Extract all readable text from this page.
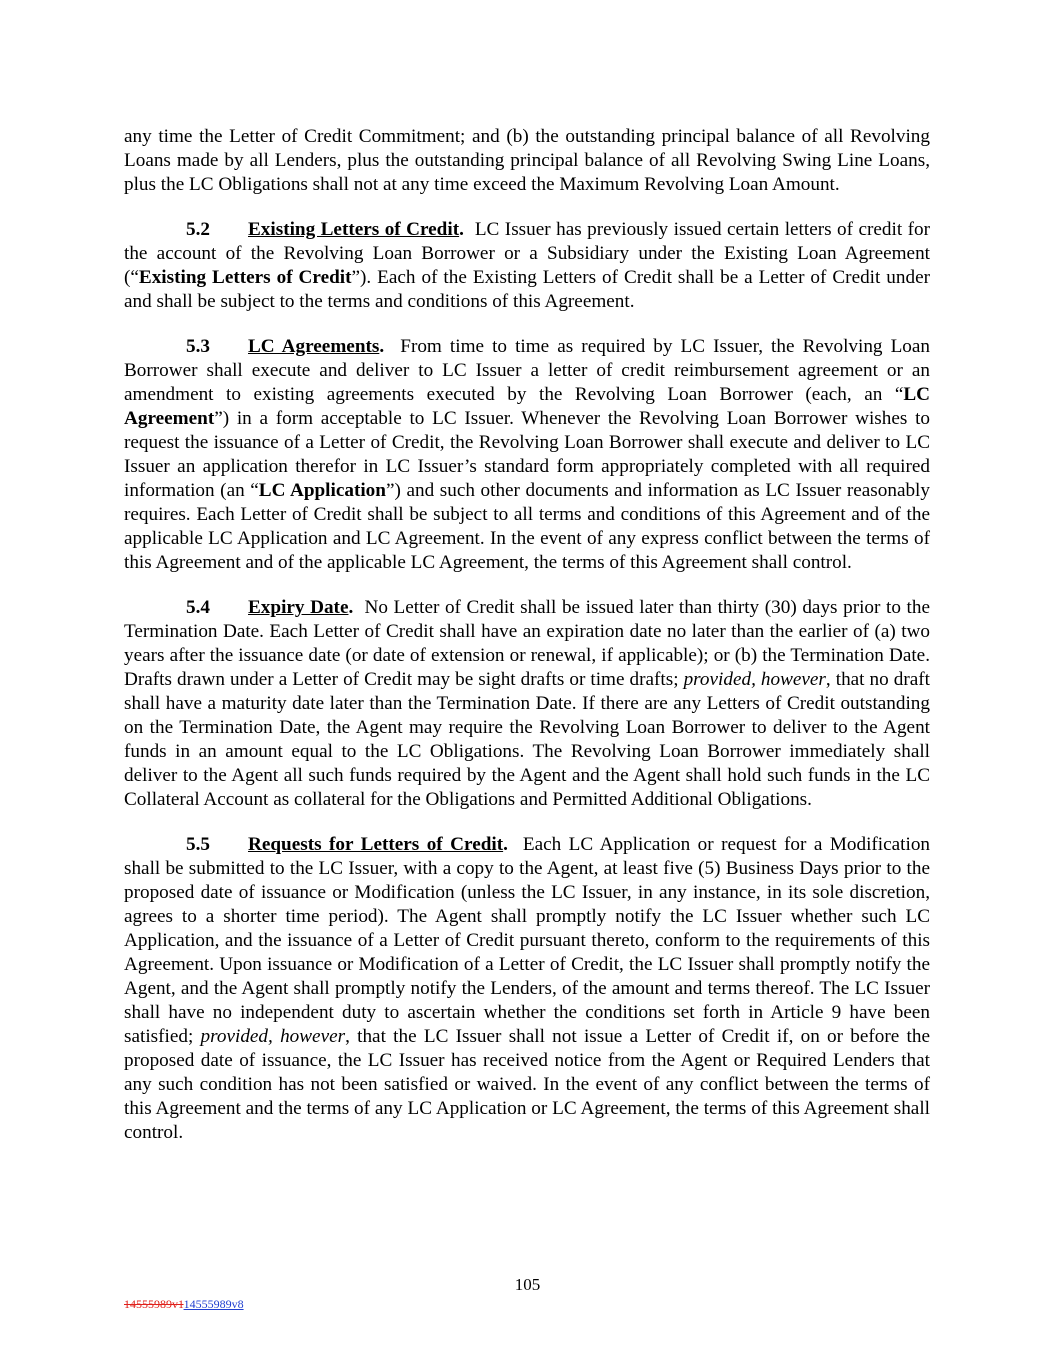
any time the Letter of Credit Commitment; and (b) the outstanding principal balance of all Revolving Loans made by all Lenders, plus the outstanding principal balance of all Revolving Swing Line Loans, plus the LC Obligations shall not at any time exceed the Maximum Revolving Loan Amount.

5.2 Existing Letters of Credit. LC Issuer has previously issued certain letters of credit for the account of the Revolving Loan Borrower or a Subsidiary under the Existing Loan Agreement (“Existing Letters of Credit”). Each of the Existing Letters of Credit shall be a Letter of Credit under and shall be subject to the terms and conditions of this Agreement.

5.3 LC Agreements. From time to time as required by LC Issuer, the Revolving Loan Borrower shall execute and deliver to LC Issuer a letter of credit reimbursement agreement or an amendment to existing agreements executed by the Revolving Loan Borrower (each, an “LC Agreement”) in a form acceptable to LC Issuer. Whenever the Revolving Loan Borrower wishes to request the issuance of a Letter of Credit, the Revolving Loan Borrower shall execute and deliver to LC Issuer an application therefor in LC Issuer’s standard form appropriately completed with all required information (an “LC Application”) and such other documents and information as LC Issuer reasonably requires. Each Letter of Credit shall be subject to all terms and conditions of this Agreement and of the applicable LC Application and LC Agreement. In the event of any express conflict between the terms of this Agreement and of the applicable LC Agreement, the terms of this Agreement shall control.

5.4 Expiry Date. No Letter of Credit shall be issued later than thirty (30) days prior to the Termination Date. Each Letter of Credit shall have an expiration date no later than the earlier of (a) two years after the issuance date (or date of extension or renewal, if applicable); or (b) the Termination Date. Drafts drawn under a Letter of Credit may be sight drafts or time drafts; provided, however, that no draft shall have a maturity date later than the Termination Date. If there are any Letters of Credit outstanding on the Termination Date, the Agent may require the Revolving Loan Borrower to deliver to the Agent funds in an amount equal to the LC Obligations. The Revolving Loan Borrower immediately shall deliver to the Agent all such funds required by the Agent and the Agent shall hold such funds in the LC Collateral Account as collateral for the Obligations and Permitted Additional Obligations.

5.5 Requests for Letters of Credit. Each LC Application or request for a Modification shall be submitted to the LC Issuer, with a copy to the Agent, at least five (5) Business Days prior to the proposed date of issuance or Modification (unless the LC Issuer, in any instance, in its sole discretion, agrees to a shorter time period). The Agent shall promptly notify the LC Issuer whether such LC Application, and the issuance of a Letter of Credit pursuant thereto, conform to the requirements of this Agreement. Upon issuance or Modification of a Letter of Credit, the LC Issuer shall promptly notify the Agent, and the Agent shall promptly notify the Lenders, of the amount and terms thereof. The LC Issuer shall have no independent duty to ascertain whether the conditions set forth in Article 9 have been satisfied; provided, however, that the LC Issuer shall not issue a Letter of Credit if, on or before the proposed date of issuance, the LC Issuer has received notice from the Agent or Required Lenders that any such condition has not been satisfied or waived. In the event of any conflict between the terms of this Agreement and the terms of any LC Application or LC Agreement, the terms of this Agreement shall control.

105
14555989v114555989v8
